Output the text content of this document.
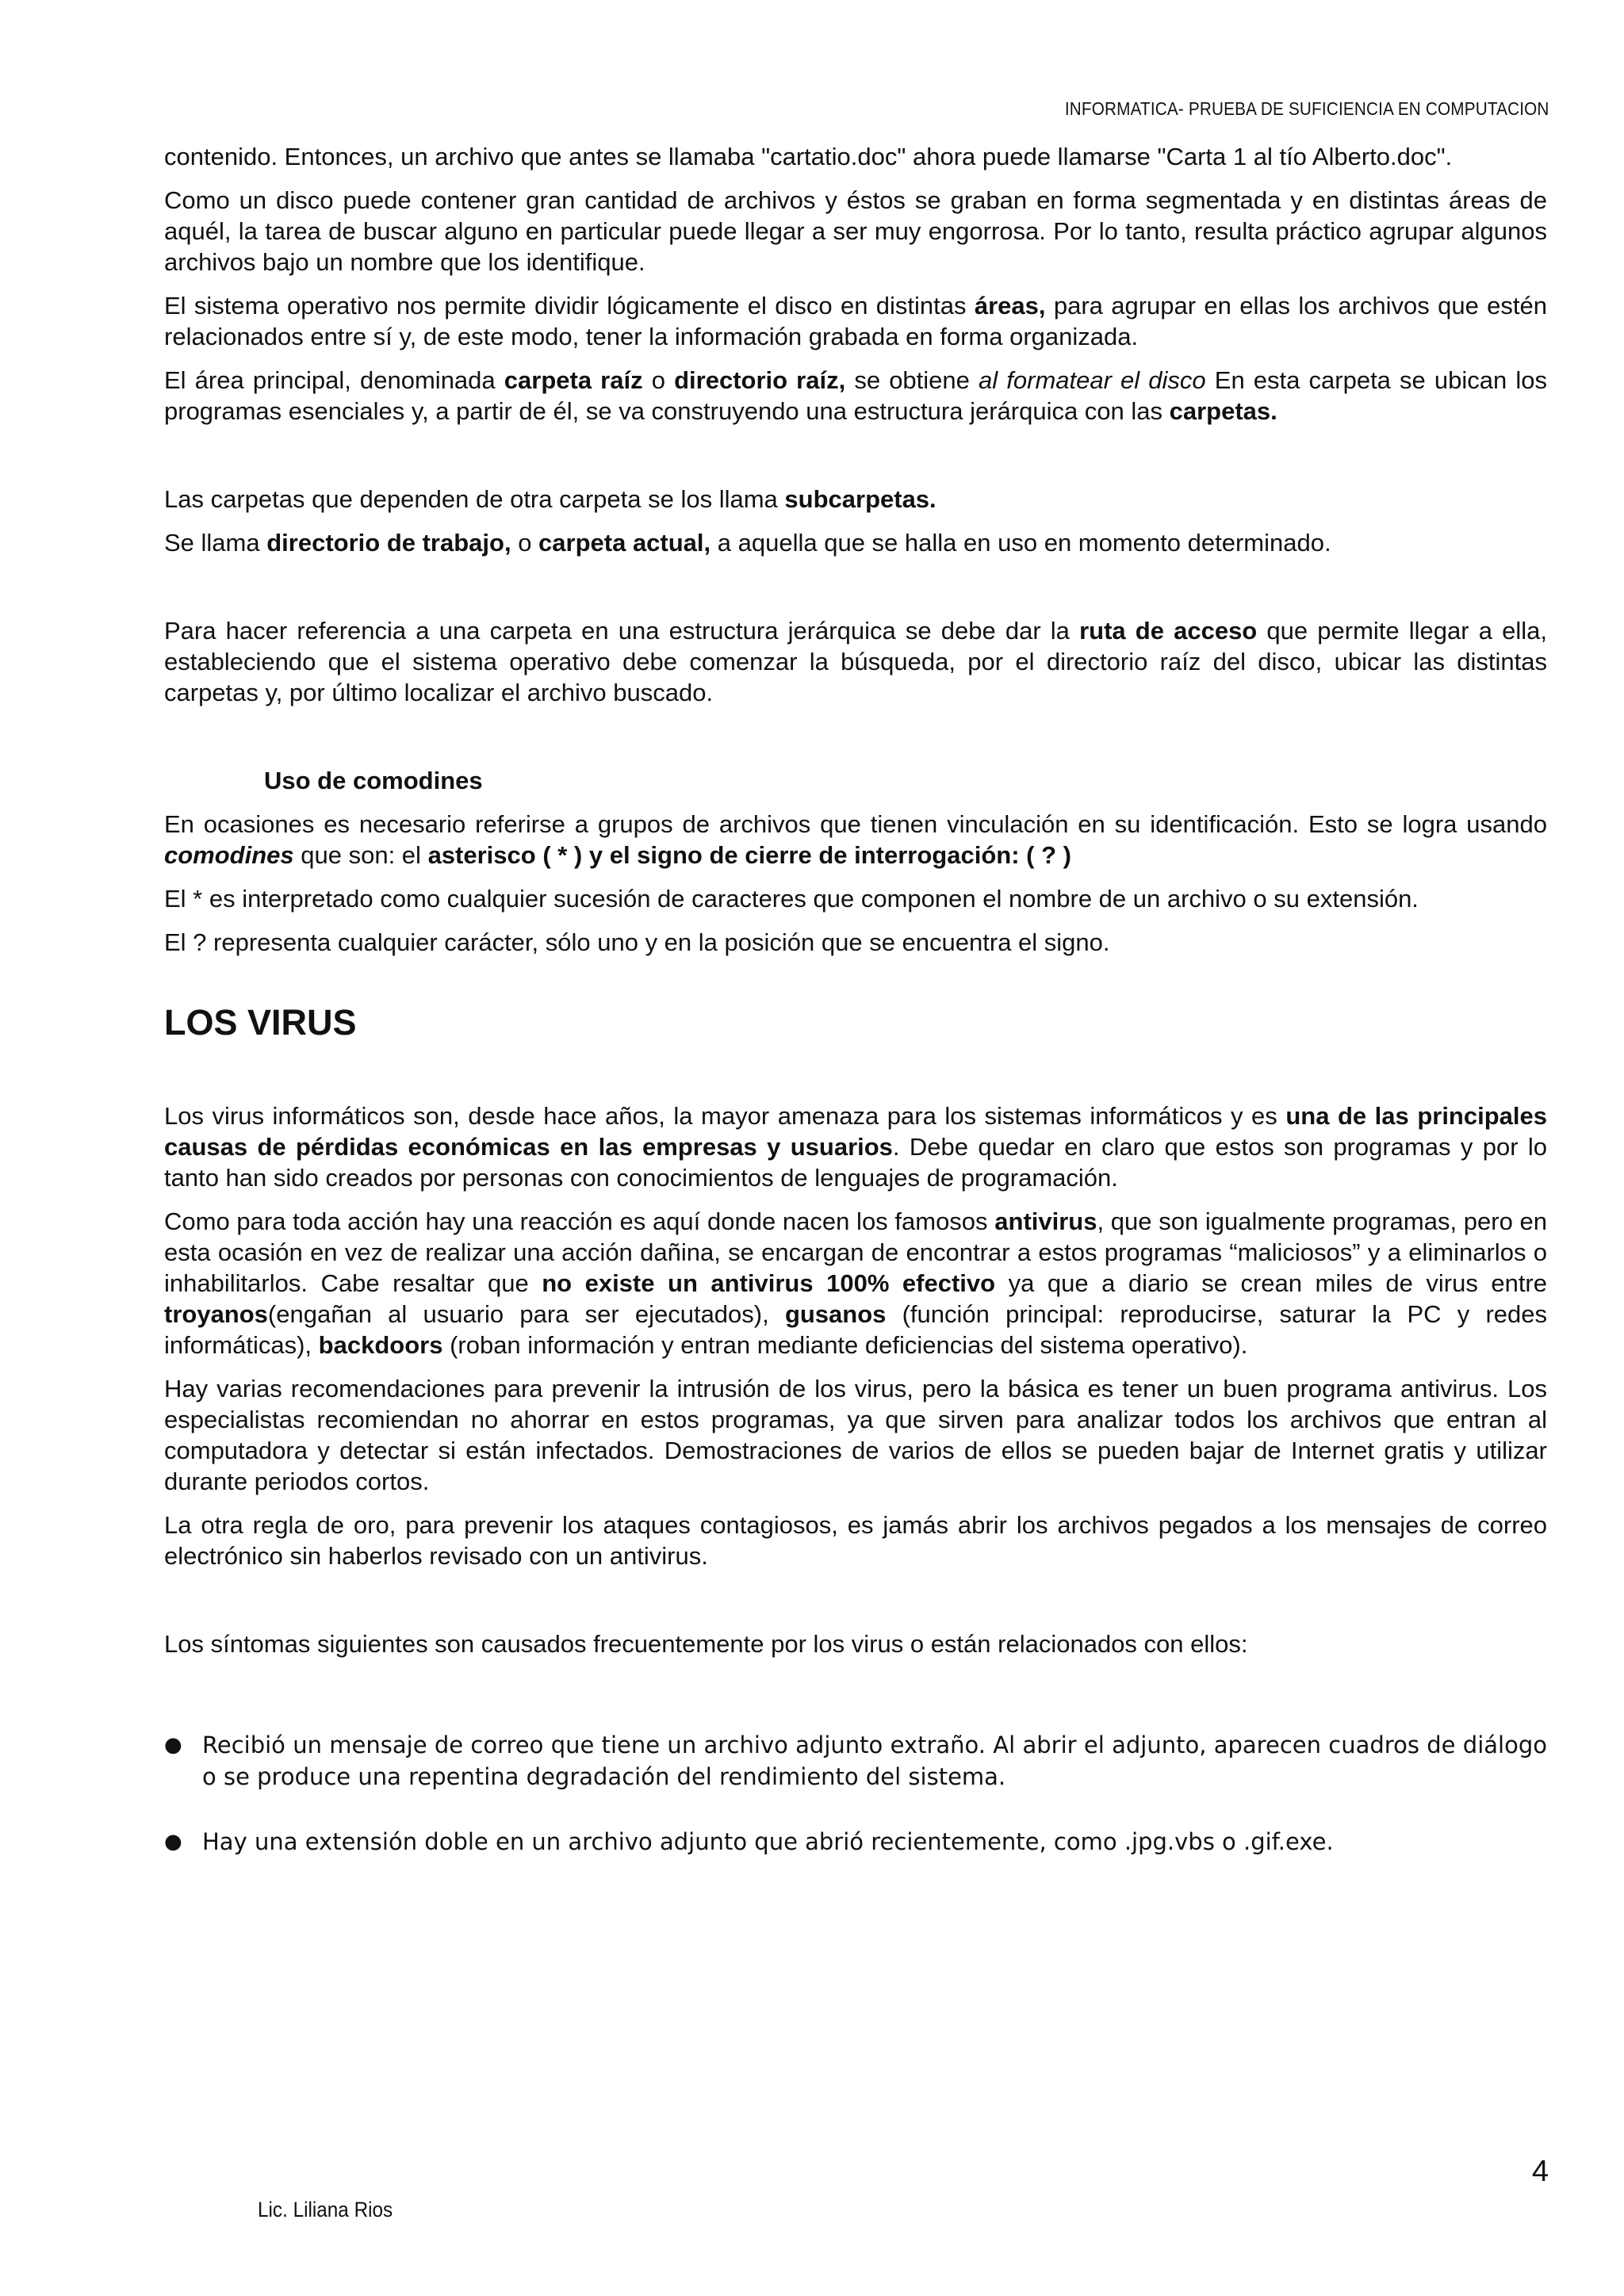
INFORMATICA- PRUEBA DE SUFICIENCIA EN COMPUTACION

contenido. Entonces, un archivo que antes se llamaba "cartatio.doc" ahora puede llamarse "Carta 1 al tío Alberto.doc".

Como un disco puede contener gran cantidad de archivos y éstos se graban en forma segmentada y en distintas áreas de aquél, la tarea de buscar alguno en particular puede llegar a ser muy engorrosa. Por lo tanto, resulta práctico agrupar algunos archivos bajo un nombre que los identifique.

El sistema operativo nos permite dividir lógicamente el disco en distintas áreas, para agrupar en ellas los archivos que estén relacionados entre sí y, de este modo, tener la información grabada en forma organizada.

El área principal, denominada carpeta raíz o directorio raíz, se obtiene al formatear el disco En esta carpeta se ubican los programas esenciales y, a partir de él, se va construyendo una estructura jerárquica con las carpetas.

Las carpetas que dependen de otra carpeta se los llama subcarpetas.

Se llama directorio de trabajo, o carpeta actual, a aquella que se halla en uso en momento determinado.

Para hacer referencia a una carpeta en una estructura jerárquica se debe dar la ruta de acceso que permite llegar a ella, estableciendo que el sistema operativo debe comenzar la búsqueda, por el directorio raíz del disco, ubicar las distintas carpetas y, por último localizar el archivo buscado.

Uso de comodines

En ocasiones es necesario referirse a grupos de archivos que tienen vinculación en su identificación. Esto se logra usando comodines que son: el asterisco ( * ) y el signo de cierre de interrogación: ( ? )

El * es interpretado como cualquier sucesión de caracteres que componen el nombre de un archivo o su extensión.

El ? representa cualquier carácter, sólo uno y en la posición que se encuentra el signo.

LOS VIRUS

Los virus informáticos son, desde hace años, la mayor amenaza para los sistemas informáticos y es una de las principales causas de pérdidas económicas en las empresas y usuarios. Debe quedar en claro que estos son programas y por lo tanto han sido creados por personas con conocimientos de lenguajes de programación.

Como para toda acción hay una reacción es aquí donde nacen los famosos antivirus, que son igualmente programas, pero en esta ocasión en vez de realizar una acción dañina, se encargan de encontrar a estos programas “maliciosos” y a eliminarlos o inhabilitarlos. Cabe resaltar que no existe un antivirus 100% efectivo ya que a diario se crean miles de virus entre troyanos(engañan al usuario para ser ejecutados), gusanos (función principal: reproducirse, saturar la PC y redes informáticas), backdoors (roban información y entran mediante deficiencias del sistema operativo).

Hay varias recomendaciones para prevenir la intrusión de los virus, pero la básica es tener un buen programa antivirus. Los especialistas recomiendan no ahorrar en estos programas, ya que sirven para analizar todos los archivos que entran al computadora y detectar si están infectados. Demostraciones de varios de ellos se pueden bajar de Internet gratis y utilizar durante periodos cortos.

La otra regla de oro, para prevenir los ataques contagiosos, es jamás abrir los archivos pegados a los mensajes de correo electrónico sin haberlos revisado con un antivirus.

Los síntomas siguientes son causados frecuentemente por los virus o están relacionados con ellos:

● Recibió un mensaje de correo que tiene un archivo adjunto extraño. Al abrir el adjunto, aparecen cuadros de diálogo o se produce una repentina degradación del rendimiento del sistema.
● Hay una extensión doble en un archivo adjunto que abrió recientemente, como .jpg.vbs o .gif.exe.
4
Lic. Liliana Rios
